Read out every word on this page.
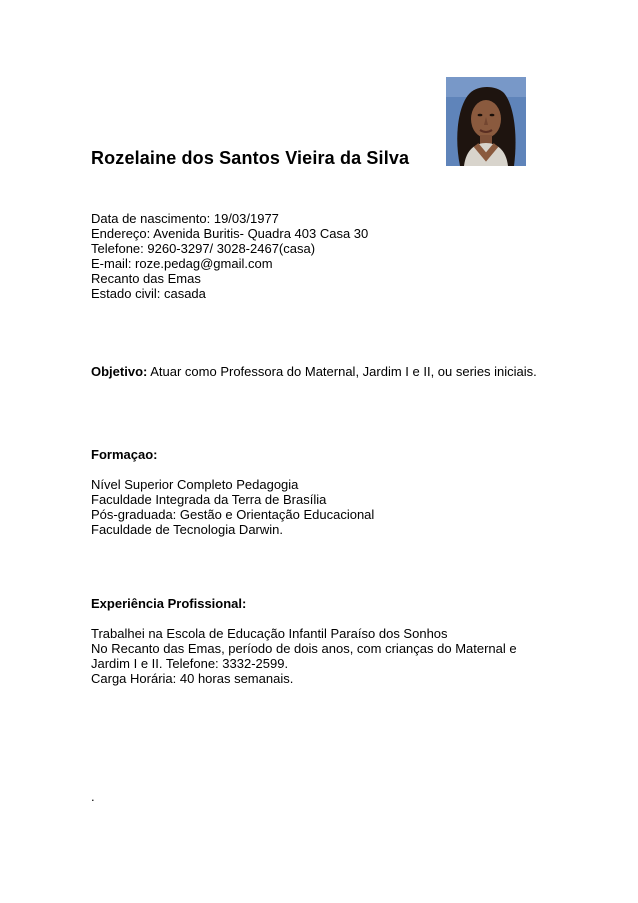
Rozelaine dos Santos Vieira da Silva
Data de nascimento: 19/03/1977
Endereço: Avenida Buritis- Quadra 403 Casa 30
Telefone: 9260-3297/ 3028-2467(casa)
E-mail: roze.pedag@gmail.com
Recanto das Emas
Estado civil: casada
Objetivo: Atuar como Professora do Maternal, Jardim I e II, ou series iniciais.
Formaçao:
Nível Superior Completo Pedagogia
Faculdade Integrada da Terra de Brasília
Pós-graduada: Gestão e Orientação Educacional
Faculdade de Tecnologia Darwin.
Experiência Profissional:
Trabalhei na Escola de Educação Infantil Paraíso dos Sonhos
No Recanto das Emas, período de dois anos, com crianças do Maternal e
Jardim I e II. Telefone: 3332-2599.
Carga Horária: 40 horas semanais.
.
